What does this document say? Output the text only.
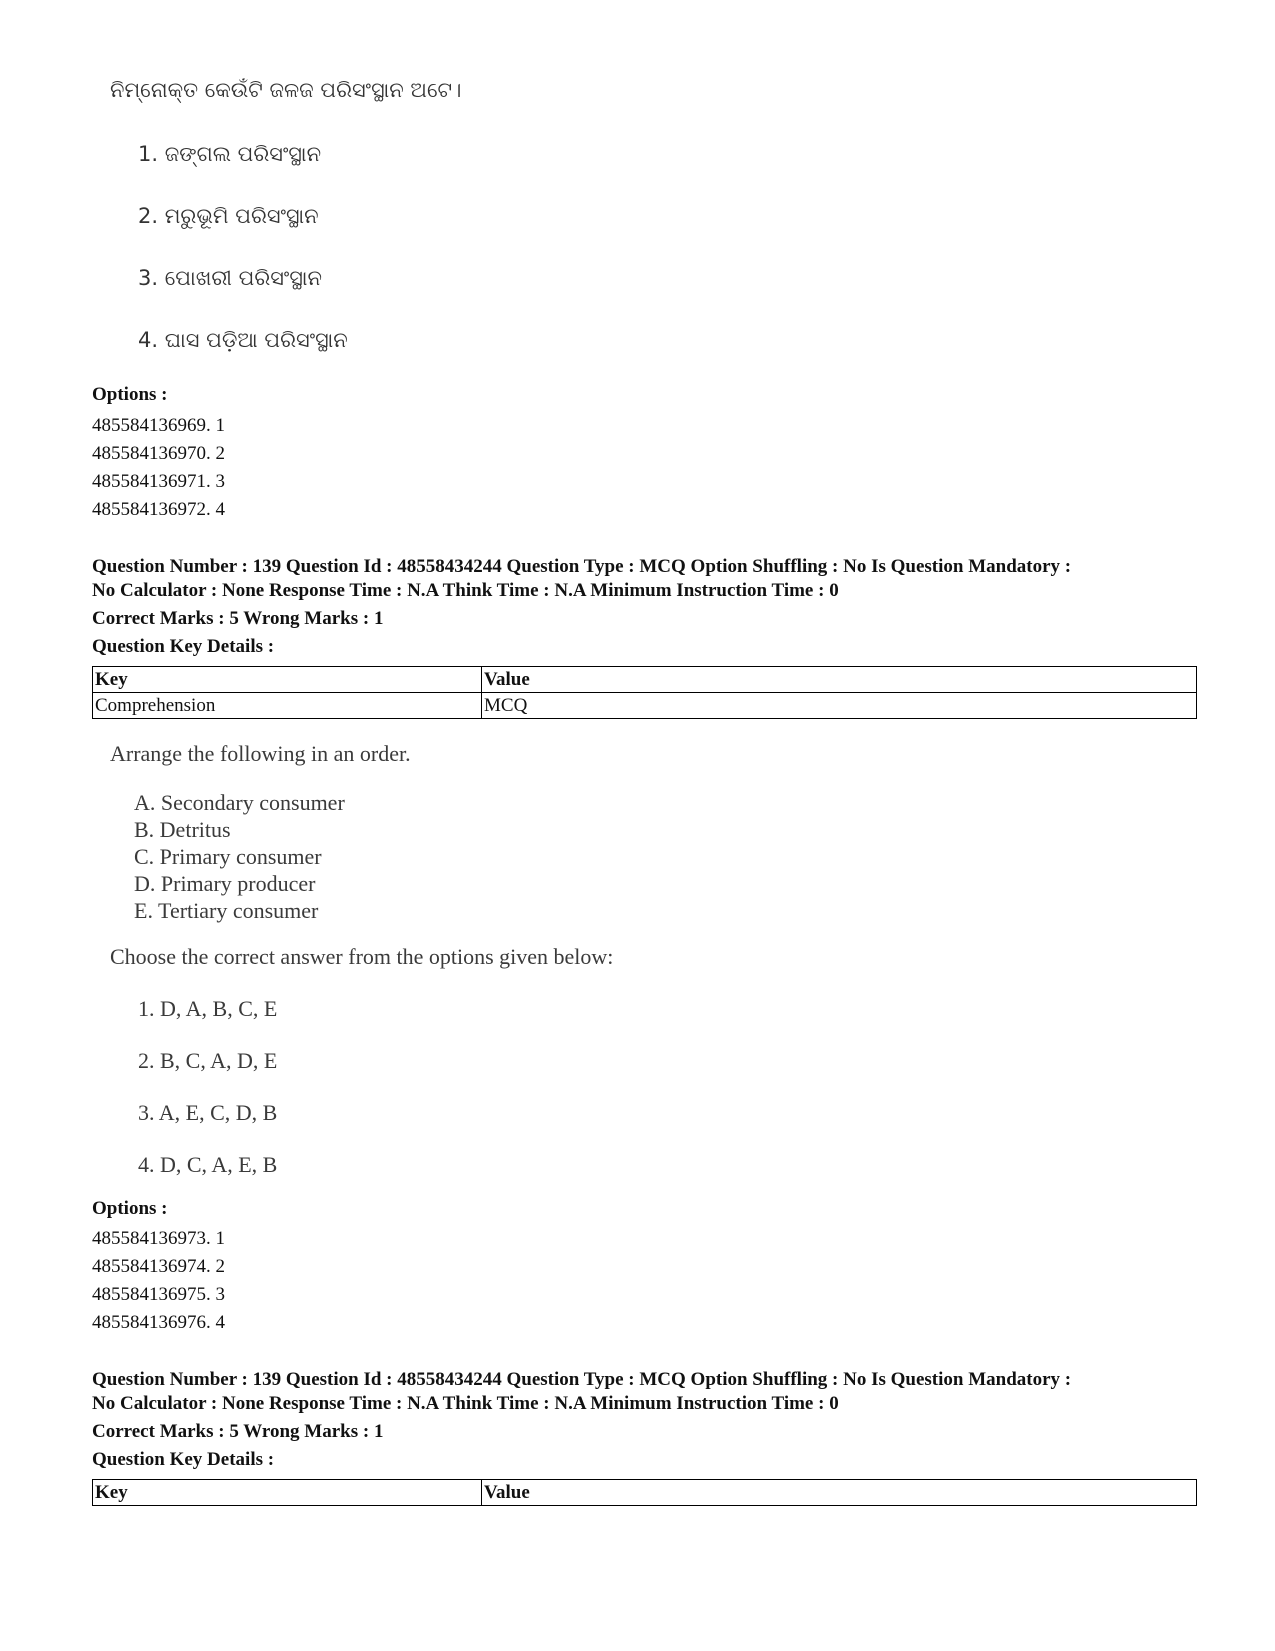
ନିମ୍ନୋକ୍ତ କେଉଁଟି ଜଳଜ ପରିସଂସ୍ଥାନ ଅଟେ।
1. ଜଙ୍ଗଲ ପରିସଂସ୍ଥାନ
2. ମରୁଭୂମି ପରିସଂସ୍ଥାନ
3. ପୋଖରୀ ପରିସଂସ୍ଥାନ
4. ଘାସ ପଡ଼ିଆ ପରିସଂସ୍ଥାନ
Options :
485584136969. 1
485584136970. 2
485584136971. 3
485584136972. 4
Question Number : 139 Question Id : 48558434244 Question Type : MCQ Option Shuffling : No Is Question Mandatory :
No Calculator : None Response Time : N.A Think Time : N.A Minimum Instruction Time : 0
Correct Marks : 5 Wrong Marks : 1
Question Key Details :
Key	Value
Comprehension	MCQ
Arrange the following in an order.
A. Secondary consumer
B. Detritus
C. Primary consumer
D. Primary producer
E. Tertiary consumer
Choose the correct answer from the options given below:
1. D, A, B, C, E
2. B, C, A, D, E
3. A, E, C, D, B
4. D, C, A, E, B
Options :
485584136973. 1
485584136974. 2
485584136975. 3
485584136976. 4
Question Number : 139 Question Id : 48558434244 Question Type : MCQ Option Shuffling : No Is Question Mandatory :
No Calculator : None Response Time : N.A Think Time : N.A Minimum Instruction Time : 0
Correct Marks : 5 Wrong Marks : 1
Question Key Details :
Key	Value
